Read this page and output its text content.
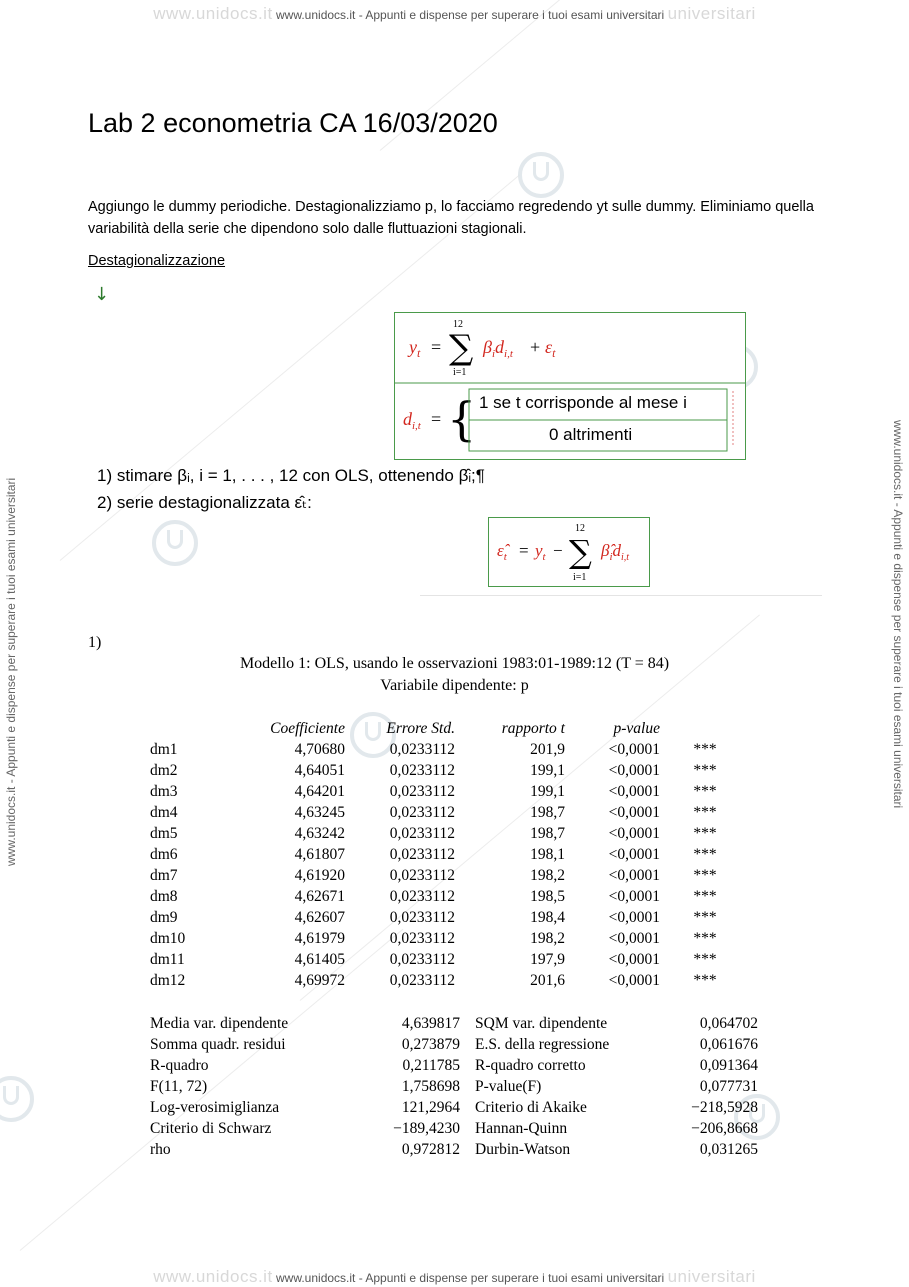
www.unidocs.it www.unidocs.it - Appunti e dispense per superare i tuoi esami universitari universitari
www.unidocs.it - Appunti e dispense per superare i tuoi esami universitari	www.unidocs.it - Appunti e dispense per superare i tuoi esami universitari
Lab 2 econometria CA 16/03/2020
Aggiungo le dummy periodiche. Destagionalizziamo p, lo facciamo regredendo yt sulle dummy. Eliminiamo quella variabilità della serie che dipendono solo dalle fluttuazioni stagionali.
Destagionalizzazione
↓
$y_t$ =
12
∑
i=1
$\beta_id_{i,t} + \varepsilon_t$
$d_{i,t}$ = { 1 se t corrisponde al mese i
0 altrimenti
1) stimare βᵢ, i = 1, . . . , 12 con OLS, ottenendo β̂ᵢ;¶
2) serie destagionalizzata ε̂ₜ:
$\varepsilon̂_t = y_t$ −
12
∑
i=1
$\betâ_id_{i,t}$
1)
Modello 1: OLS, usando le osservazioni 1983:01-1989:12 (T = 84)
Variabile dipendente: p
	Coefficiente	Errore Std.	rapporto t	p-value	
dm1	4,70680	0,0233112	201,9	<0,0001	***
dm2	4,64051	0,0233112	199,1	<0,0001	***
dm3	4,64201	0,0233112	199,1	<0,0001	***
dm4	4,63245	0,0233112	198,7	<0,0001	***
dm5	4,63242	0,0233112	198,7	<0,0001	***
dm6	4,61807	0,0233112	198,1	<0,0001	***
dm7	4,61920	0,0233112	198,2	<0,0001	***
dm8	4,62671	0,0233112	198,5	<0,0001	***
dm9	4,62607	0,0233112	198,4	<0,0001	***
dm10	4,61979	0,0233112	198,2	<0,0001	***
dm11	4,61405	0,0233112	197,9	<0,0001	***
dm12	4,69972	0,0233112	201,6	<0,0001	***
Media var. dipendente	4,639817		SQM var. dipendente	0,064702
Somma quadr. residui	0,273879		E.S. della regressione	0,061676
R-quadro	0,211785		R-quadro corretto	0,091364
F(11, 72)	1,758698		P-value(F)	0,077731
Log-verosimiglianza	121,2964		Criterio di Akaike	−218,5928
Criterio di Schwarz	−189,4230		Hannan-Quinn	−206,8668
rho	0,972812		Durbin-Watson	0,031265
www.unidocs.it www.unidocs.it - Appunti e dispense per superare i tuoi esami universitari universitari
